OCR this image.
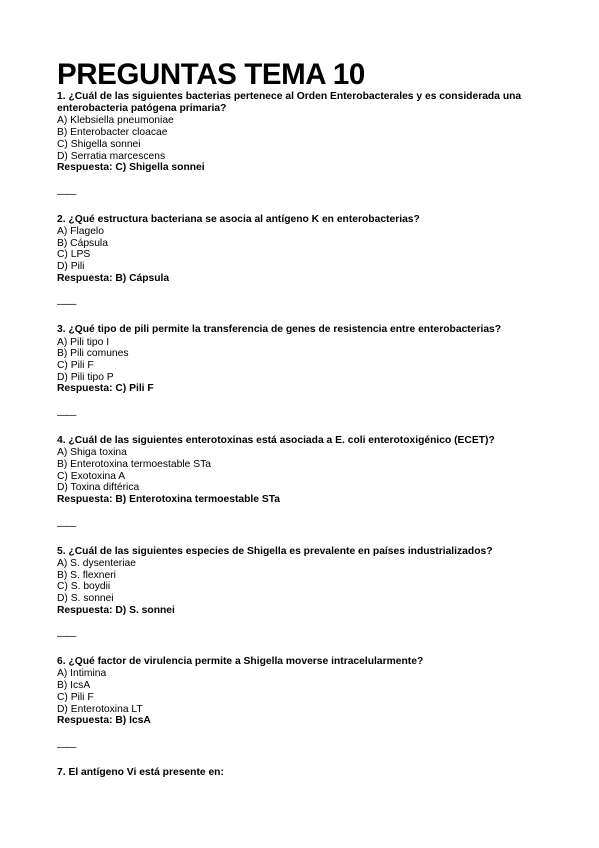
PREGUNTAS TEMA 10

1. ¿Cuál de las siguientes bacterias pertenece al Orden Enterobacterales y es considerada una enterobacteria patógena primaria?

A) Klebsiella pneumoniae

B) Enterobacter cloacae

C) Shigella sonnei

D) Serratia marcescens

Respuesta: C) Shigella sonnei

——

2. ¿Qué estructura bacteriana se asocia al antígeno K en enterobacterias?

A) Flagelo

B) Cápsula

C) LPS

D) Pili

Respuesta: B) Cápsula

——

3. ¿Qué tipo de pili permite la transferencia de genes de resistencia entre enterobacterias?

A) Pili tipo I

B) Pili comunes

C) Pili F

D) Pili tipo P

Respuesta: C) Pili F

——

4. ¿Cuál de las siguientes enterotoxinas está asociada a E. coli enterotoxigénico (ECET)?

A) Shiga toxina

B) Enterotoxina termoestable STa

C) Exotoxina A

D) Toxina diftérica

Respuesta: B) Enterotoxina termoestable STa

——

5. ¿Cuál de las siguientes especies de Shigella es prevalente en países industrializados?

A) S. dysenteriae

B) S. flexneri

C) S. boydii

D) S. sonnei

Respuesta: D) S. sonnei

——

6. ¿Qué factor de virulencia permite a Shigella moverse intracelularmente?

A) Intimina

B) IcsA

C) Pili F

D) Enterotoxina LT

Respuesta: B) IcsA

——

7. El antígeno Vi está presente en:
